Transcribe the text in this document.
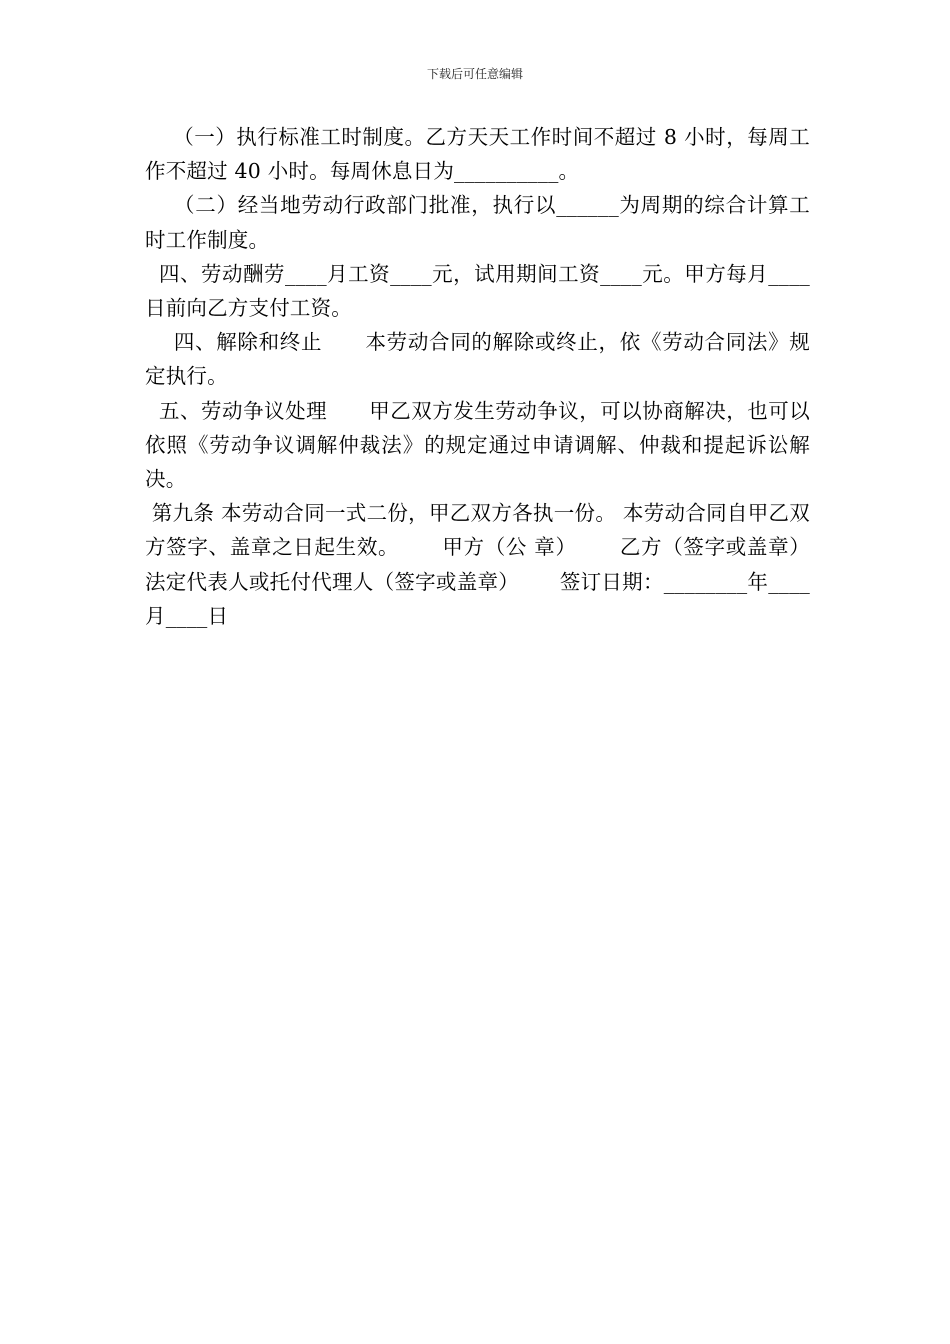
下载后可任意编辑

（一）执行标准工时制度。乙方天天工作时间不超过 8 小时，每周工作不超过 40 小时。每周休息日为__________。

（二）经当地劳动行政部门批准，执行以______为周期的综合计算工时工作制度。

四、劳动酬劳____月工资____元，试用期间工资____元。甲方每月____日前向乙方支付工资。

四、解除和终止      本劳动合同的解除或终止，依《劳动合同法》规定执行。

五、劳动争议处理      甲乙双方发生劳动争议，可以协商解决，也可以依照《劳动争议调解仲裁法》的规定通过申请调解、仲裁和提起诉讼解决。

第九条 本劳动合同一式二份，甲乙双方各执一份。 本劳动合同自甲乙双方签字、盖章之日起生效。      甲方（公 章）      乙方（签字或盖章）      法定代表人或托付代理人（签字或盖章）      签订日期：________年____月____日
